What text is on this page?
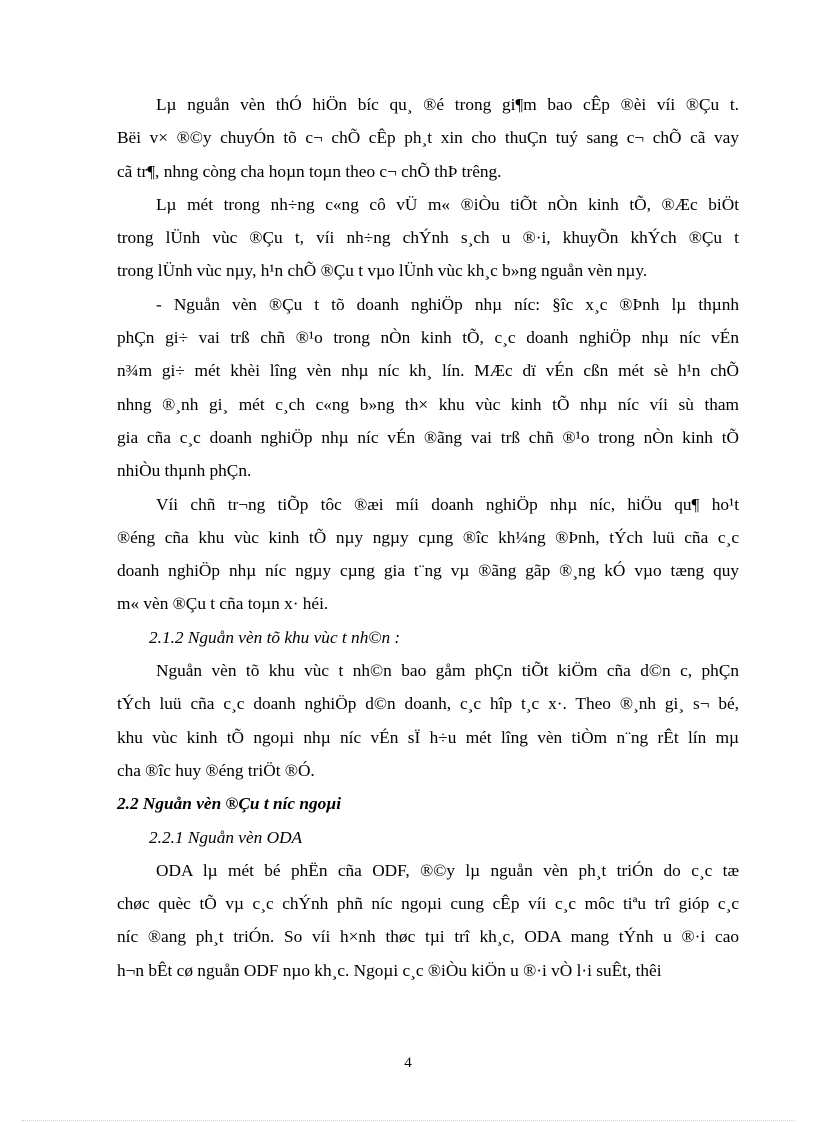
Lµ nguån vèn thÓ hiÖn bíc qu¸ ®é trong gi¶m bao cÊp ®èi víi ®Çu t.
Bëi v× ®©y chuyÓn tõ c¬ chÕ cÊp ph¸t xin cho thuÇn tuý sang c¬ chÕ cã vay
cã tr¶, nhng còng cha hoµn toµn theo c¬ chÕ thÞ trêng.
Lµ mét trong nh÷ng c«ng cô vÜ m« ®iÒu tiÕt nÒn kinh tÕ, ®Æc biÖt
trong lÜnh vùc ®Çu t, víi nh÷ng chÝnh s¸ch u ®·i, khuyÕn khÝch ®Çu t
trong lÜnh vùc nµy, h¹n chÕ ®Çu t vµo lÜnh vùc kh¸c b»ng nguån vèn nµy.
- Nguån vèn ®Çu t tõ doanh nghiÖp nhµ níc: §îc x¸c ®Þnh lµ thµnh
phÇn gi÷ vai trß chñ ®¹o trong nÒn kinh tÕ, c¸c doanh nghiÖp nhµ níc vÉn
n¾m gi÷ mét khèi lîng vèn nhµ níc kh¸ lín. MÆc dï vÉn cßn mét sè h¹n chÕ
nhng ®¸nh gi¸ mét c¸ch c«ng b»ng th× khu vùc kinh tÕ nhµ níc víi sù tham
gia cña c¸c doanh nghiÖp nhµ níc vÉn ®ãng vai trß chñ ®¹o trong nÒn kinh tÕ
nhiÒu thµnh phÇn.
Víi chñ tr¬ng tiÕp tôc ®æi míi doanh nghiÖp nhµ níc, hiÖu qu¶ ho¹t
®éng cña khu vùc kinh tÕ nµy ngµy cµng ®îc kh¼ng ®Þnh, tÝch luü cña c¸c
doanh nghiÖp nhµ níc ngµy cµng gia t¨ng vµ ®ãng gãp ®¸ng kÓ vµo tæng quy
m« vèn ®Çu t cña toµn x· héi.
2.1.2 Nguån vèn tõ khu vùc t nh©n :
Nguån vèn tõ khu vùc t nh©n bao gåm phÇn tiÕt kiÖm cña d©n c, phÇn
tÝch luü cña c¸c doanh nghiÖp d©n doanh, c¸c hîp t¸c x·. Theo ®¸nh gi¸ s¬ bé,
khu vùc kinh tÕ ngoµi nhµ níc vÉn sÏ h÷u mét lîng vèn tiÒm n¨ng rÊt lín mµ
cha ®îc huy ®éng triÖt ®Ó.
2.2 Nguån vèn ®Çu t níc ngoµi
2.2.1 Nguån vèn ODA
ODA lµ mét bé phËn cña ODF, ®©y lµ nguån vèn ph¸t triÓn do c¸c tæ
chøc quèc tÕ vµ c¸c chÝnh phñ níc ngoµi cung cÊp víi c¸c môc tiªu trî gióp c¸c
níc ®ang ph¸t triÓn. So víi h×nh thøc tµi trî kh¸c, ODA mang tÝnh u ®·i cao
h¬n bÊt cø nguån ODF nµo kh¸c. Ngoµi c¸c ®iÒu kiÖn u ®·i vÒ l·i suÊt, thêi
4
